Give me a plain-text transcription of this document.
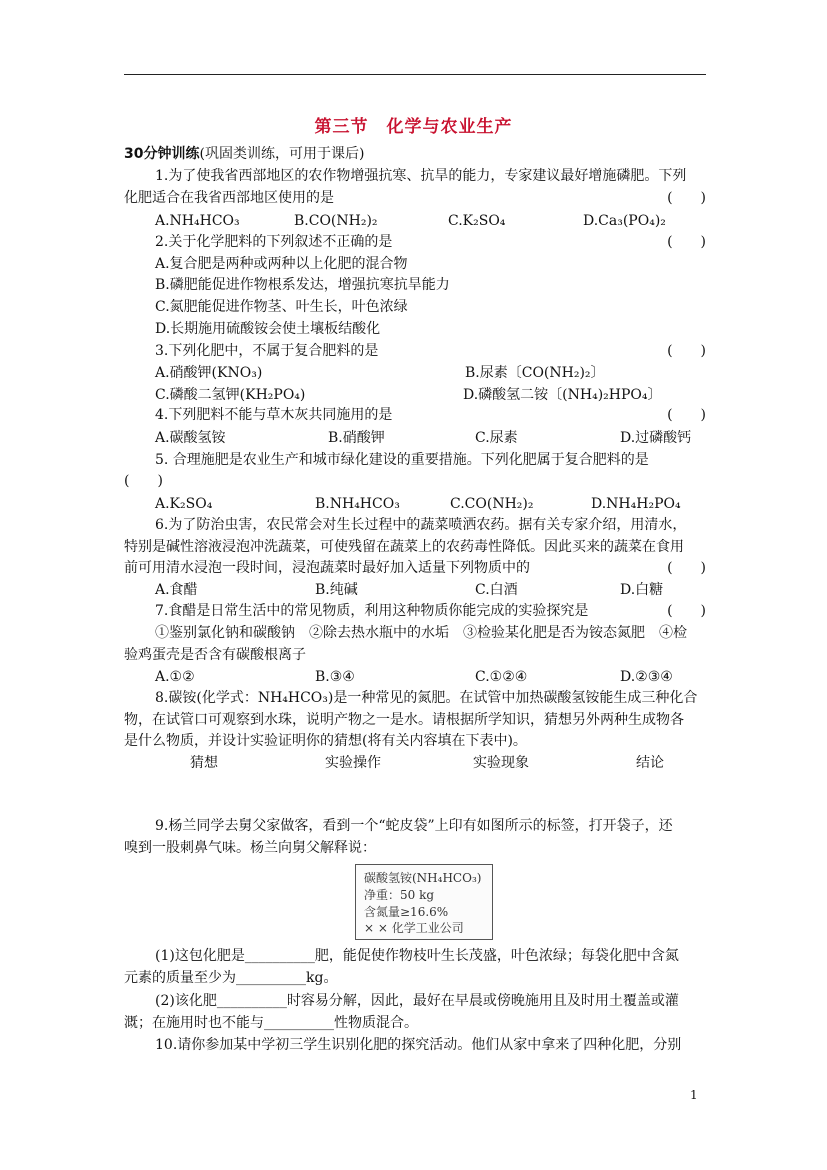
第三节　化学与农业生产
30分钟训练(巩固类训练，可用于课后)
1.为了使我省西部地区的农作物增强抗寒、抗旱的能力，专家建议最好增施磷肥。下列
化肥适合在我省西部地区使用的是	(　　)
A.NH₄HCO₃	B.CO(NH₂)₂	C.K₂SO₄	D.Ca₃(PO₄)₂
2.关于化学肥料的下列叙述不正确的是	(　　)
A.复合肥是两种或两种以上化肥的混合物
B.磷肥能促进作物根系发达，增强抗寒抗旱能力
C.氮肥能促进作物茎、叶生长，叶色浓绿
D.长期施用硫酸铵会使土壤板结酸化
3.下列化肥中，不属于复合肥料的是	(　　)
A.硝酸钾(KNO₃)	B.尿素〔CO(NH₂)₂〕
C.磷酸二氢钾(KH₂PO₄)	D.磷酸氢二铵〔(NH₄)₂HPO₄〕
4.下列肥料不能与草木灰共同施用的是	(　　)
A.碳酸氢铵	B.硝酸钾	C.尿素	D.过磷酸钙
5. 合理施肥是农业生产和城市绿化建设的重要措施。下列化肥属于复合肥料的是
(　　)
A.K₂SO₄	B.NH₄HCO₃	C.CO(NH₂)₂	D.NH₄H₂PO₄
6.为了防治虫害，农民常会对生长过程中的蔬菜喷洒农药。据有关专家介绍，用清水，
特别是碱性溶液浸泡冲洗蔬菜，可使残留在蔬菜上的农药毒性降低。因此买来的蔬菜在食用
前可用清水浸泡一段时间，浸泡蔬菜时最好加入适量下列物质中的	(　　)
A.食醋	B.纯碱	C.白酒	D.白糖
7.食醋是日常生活中的常见物质，利用这种物质你能完成的实验探究是	(　　)
①鉴别氯化钠和碳酸钠　②除去热水瓶中的水垢　③检验某化肥是否为铵态氮肥　④检
验鸡蛋壳是否含有碳酸根离子
A.①②	B.③④	C.①②④	D.②③④
8.碳铵(化学式：NH₄HCO₃)是一种常见的氮肥。在试管中加热碳酸氢铵能生成三种化合
物，在试管口可观察到水珠，说明产物之一是水。请根据所学知识，猜想另外两种生成物各
是什么物质，并设计实验证明你的猜想(将有关内容填在下表中)。
猜想	实验操作	实验现象	结论
9.杨兰同学去舅父家做客，看到一个“蛇皮袋”上印有如图所示的标签，打开袋子，还
嗅到一股刺鼻气味。杨兰向舅父解释说：
碳酸氢铵(NH₄HCO₃)
净重：50 kg
含氮量≥16.6%
× × 化学工业公司
(1)这包化肥是__________肥，能促使作物枝叶生长茂盛，叶色浓绿；每袋化肥中含氮
元素的质量至少为__________kg。
(2)该化肥__________时容易分解，因此，最好在早晨或傍晚施用且及时用土覆盖或灌
溉；在施用时也不能与__________性物质混合。
10.请你参加某中学初三学生识别化肥的探究活动。他们从家中拿来了四种化肥，分别
1
